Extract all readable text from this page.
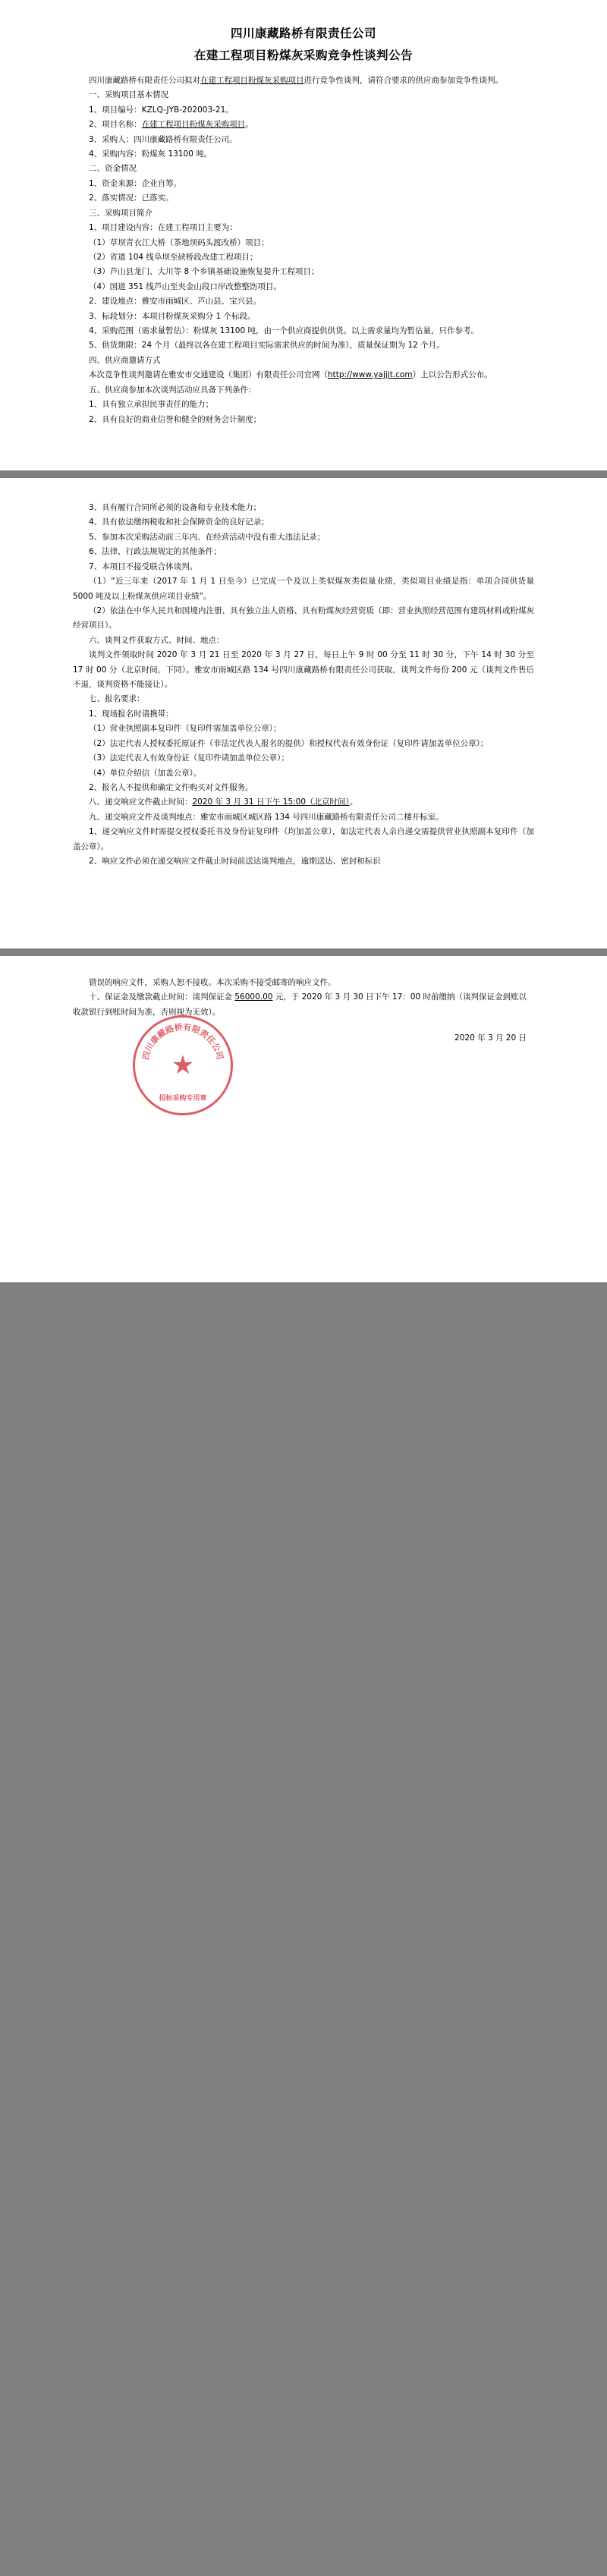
四川康藏路桥有限责任公司
在建工程项目粉煤灰采购竞争性谈判公告

四川康藏路桥有限责任公司拟对在建工程项目粉煤灰采购项目进行竞争性谈判，请符合要求的供应商参加竞争性谈判。

一、采购项目基本情况

1、项目编号：KZLQ-JYB-202003-21。

2、项目名称：在建工程项目粉煤灰采购项目。

3、采购人：四川康藏路桥有限责任公司。

4、采购内容：粉煤灰 13100 吨。

二、资金情况

1、资金来源：企业自筹。

2、落实情况：已落实。

三、采购项目简介

1、项目建设内容：在建工程项目主要为：

（1）草坝青衣江大桥（茶地坝码头渡改桥）项目；

（2）省道 104 线阜坝至硖桥段改建工程项目；

（3）芦山县龙门、大川等 8 个乡镇基础设施恢复提升工程项目；

（4）国道 351 线芦山至夹金山段口岸改整整饬项目。

2、建设地点：雅安市雨城区、芦山县、宝兴县。

3、标段划分：本项目粉煤灰采购分 1 个标段。

4、采购范围（需求量暂估）：粉煤灰 13100 吨，由一个供应商提供供货。以上需求量均为暂估量，只作参考。

5、供货期限：24 个月（最终以各在建工程项目实际需求供应的时间为准），质量保证期为 12 个月。

四、供应商邀请方式

本次竞争性谈判邀请在雅安市交通建设（集团）有限责任公司官网（http://www.yajjjt.com）上以公告形式公布。

五、供应商参加本次谈判活动应具备下列条件：

1、具有独立承担民事责任的能力；

2、具有良好的商业信誉和健全的财务会计制度；

3、具有履行合同所必须的设备和专业技术能力；

4、具有依法缴纳税收和社会保障资金的良好记录；

5、参加本次采购活动前三年内、在经营活动中没有重大违法记录；

6、法律、行政法规规定的其他条件；

7、本项目不接受联合体谈判。

（1）“近三年来（2017 年 1 月 1 日至今）已完成一个及以上类似煤灰类似量业绩，类似项目业绩是指：单项合同供货量 5000 吨及以上粉煤灰供应项目业绩”。

（2）依法在中华人民共和国境内注册、具有独立法人资格、具有粉煤灰经营资质（即：营业执照经营范围有建筑材料或粉煤灰经营项目）。

六、谈判文件获取方式、时间、地点：

谈判文件领取时间 2020 年 3 月 21 日至 2020 年 3 月 27 日，每日上午 9 时 00 分至 11 时 30 分，下午 14 时 30 分至 17 时 00 分（北京时间，下同）。雅安市雨城区路 134 号四川康藏路桥有限责任公司获取，谈判文件每份 200 元（谈判文件售后不退，谈判资格不能接让）。

七、报名要求：

1、现场报名时请携带：

（1）营业执照副本复印件（复印件需加盖单位公章）；

（2）法定代表人授权委托原证件（非法定代表人报名的提供）和授权代表有效身份证（复印件请加盖单位公章）；

（3）法定代表人有效身份证（复印件请加盖单位公章）；

（4）单位介绍信（加盖公章）。

2、报名人不提供和确定文件购买对文件服务。

八、递交响应文件截止时间：2020 年 3 月 31 日下午 15:00（北京时间）。

九、递交响应文件及谈判地点：雅安市雨城区城区路 134 号四川康藏路桥有限责任公司二楼开标室。

1、递交响应文件时需提交授权委托书及身份证复印件（均加盖公章），如法定代表人亲自递交需提供营业执照副本复印件（加盖公章）。

2、响应文件必须在递交响应文件截止时间前送达谈判地点，逾期送达、密封和标识

错误的响应文件，采购人恕不接收。本次采购不接受邮寄的响应文件。

十、保证金及缴款截止时间：谈判保证金 56000.00 元，于 2020 年 3 月 30 日下午 17：00 时前缴纳（谈判保证金到账以收款银行到账时间为准，否则视为无效）。

四川康藏路桥有限责任公司
★
招标采购专用章
2020 年 3 月 20 日
